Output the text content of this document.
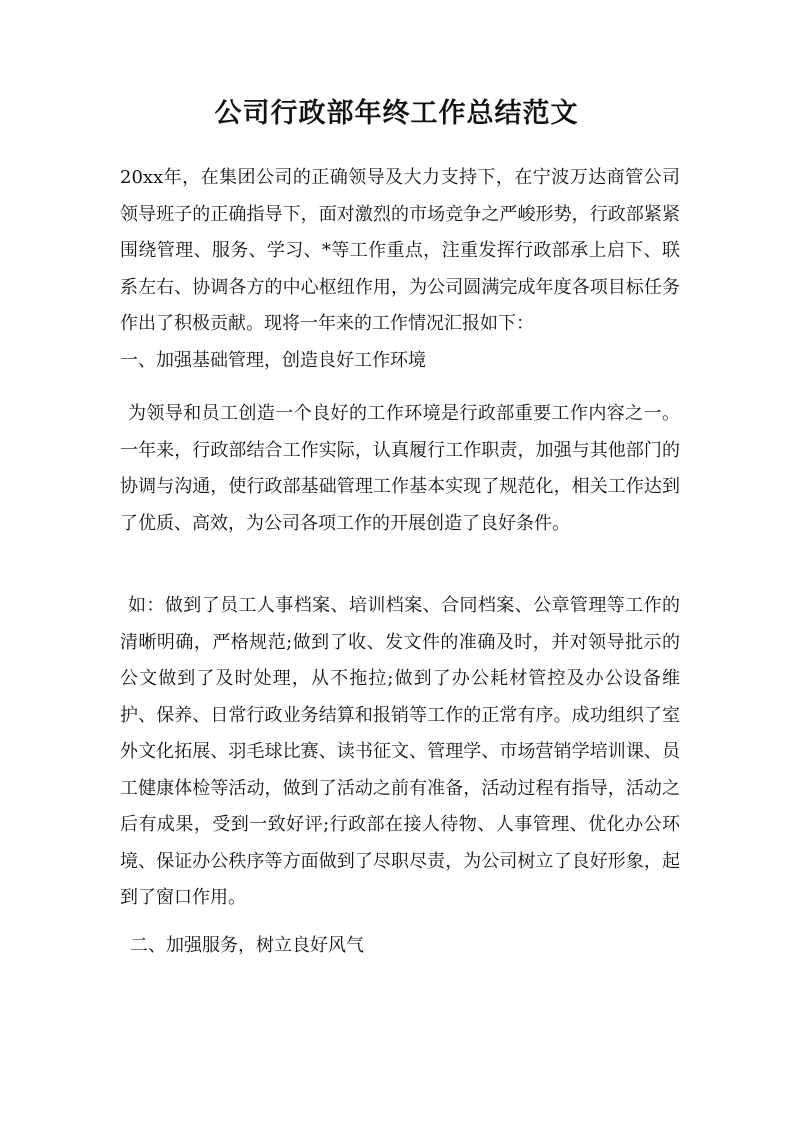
公司行政部年终工作总结范文

20xx年，在集团公司的正确领导及大力支持下，在宁波万达商管公司领导班子的正确指导下，面对激烈的市场竞争之严峻形势，行政部紧紧围绕管理、服务、学习、*等工作重点，注重发挥行政部承上启下、联系左右、协调各方的中心枢纽作用，为公司圆满完成年度各项目标任务作出了积极贡献。现将一年来的工作情况汇报如下：

一、加强基础管理，创造良好工作环境

为领导和员工创造一个良好的工作环境是行政部重要工作内容之一。一年来，行政部结合工作实际，认真履行工作职责，加强与其他部门的协调与沟通，使行政部基础管理工作基本实现了规范化，相关工作达到了优质、高效，为公司各项工作的开展创造了良好条件。

如：做到了员工人事档案、培训档案、合同档案、公章管理等工作的清晰明确，严格规范;做到了收、发文件的准确及时，并对领导批示的公文做到了及时处理，从不拖拉;做到了办公耗材管控及办公设备维护、保养、日常行政业务结算和报销等工作的正常有序。成功组织了室外文化拓展、羽毛球比赛、读书征文、管理学、市场营销学培训课、员工健康体检等活动，做到了活动之前有准备，活动过程有指导，活动之后有成果，受到一致好评;行政部在接人待物、人事管理、优化办公环境、保证办公秩序等方面做到了尽职尽责，为公司树立了良好形象，起到了窗口作用。

二、加强服务，树立良好风气
